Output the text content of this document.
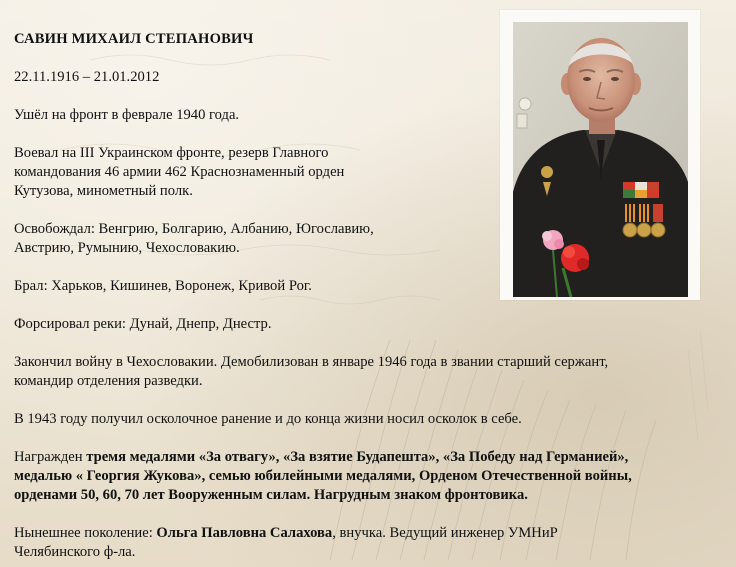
САВИН МИХАИЛ СТЕПАНОВИЧ

22.11.1916 – 21.01.2012

Ушёл на фронт в феврале 1940 года.

Воевал на III Украинском фронте, резерв Главного
командования 46 армии 462 Краснознаменный орден
Кутузова, минометный полк.

Освобождал: Венгрию, Болгарию, Албанию, Югославию,
Австрию, Румынию, Чехословакию.

Брал: Харьков, Кишинев, Воронеж, Кривой Рог.

Форсировал реки: Дунай, Днепр, Днестр.

Закончил войну в Чехословакии. Демобилизован в январе 1946 года в звании старший сержант,
командир отделения разведки.

В 1943 году получил осколочное ранение и до конца жизни носил осколок в себе.

Награжден тремя медалями «За отвагу», «За взятие Будапешта», «За Победу над Германией»,
медалью « Георгия Жукова», семью юбилейными медалями, Орденом Отечественной войны,
орденами 50, 60, 70 лет Вооруженным силам. Нагрудным знаком фронтовика.

Нынешнее поколение: Ольга Павловна Салахова, внучка. Ведущий инженер УМНиР
Челябинского ф-ла.
